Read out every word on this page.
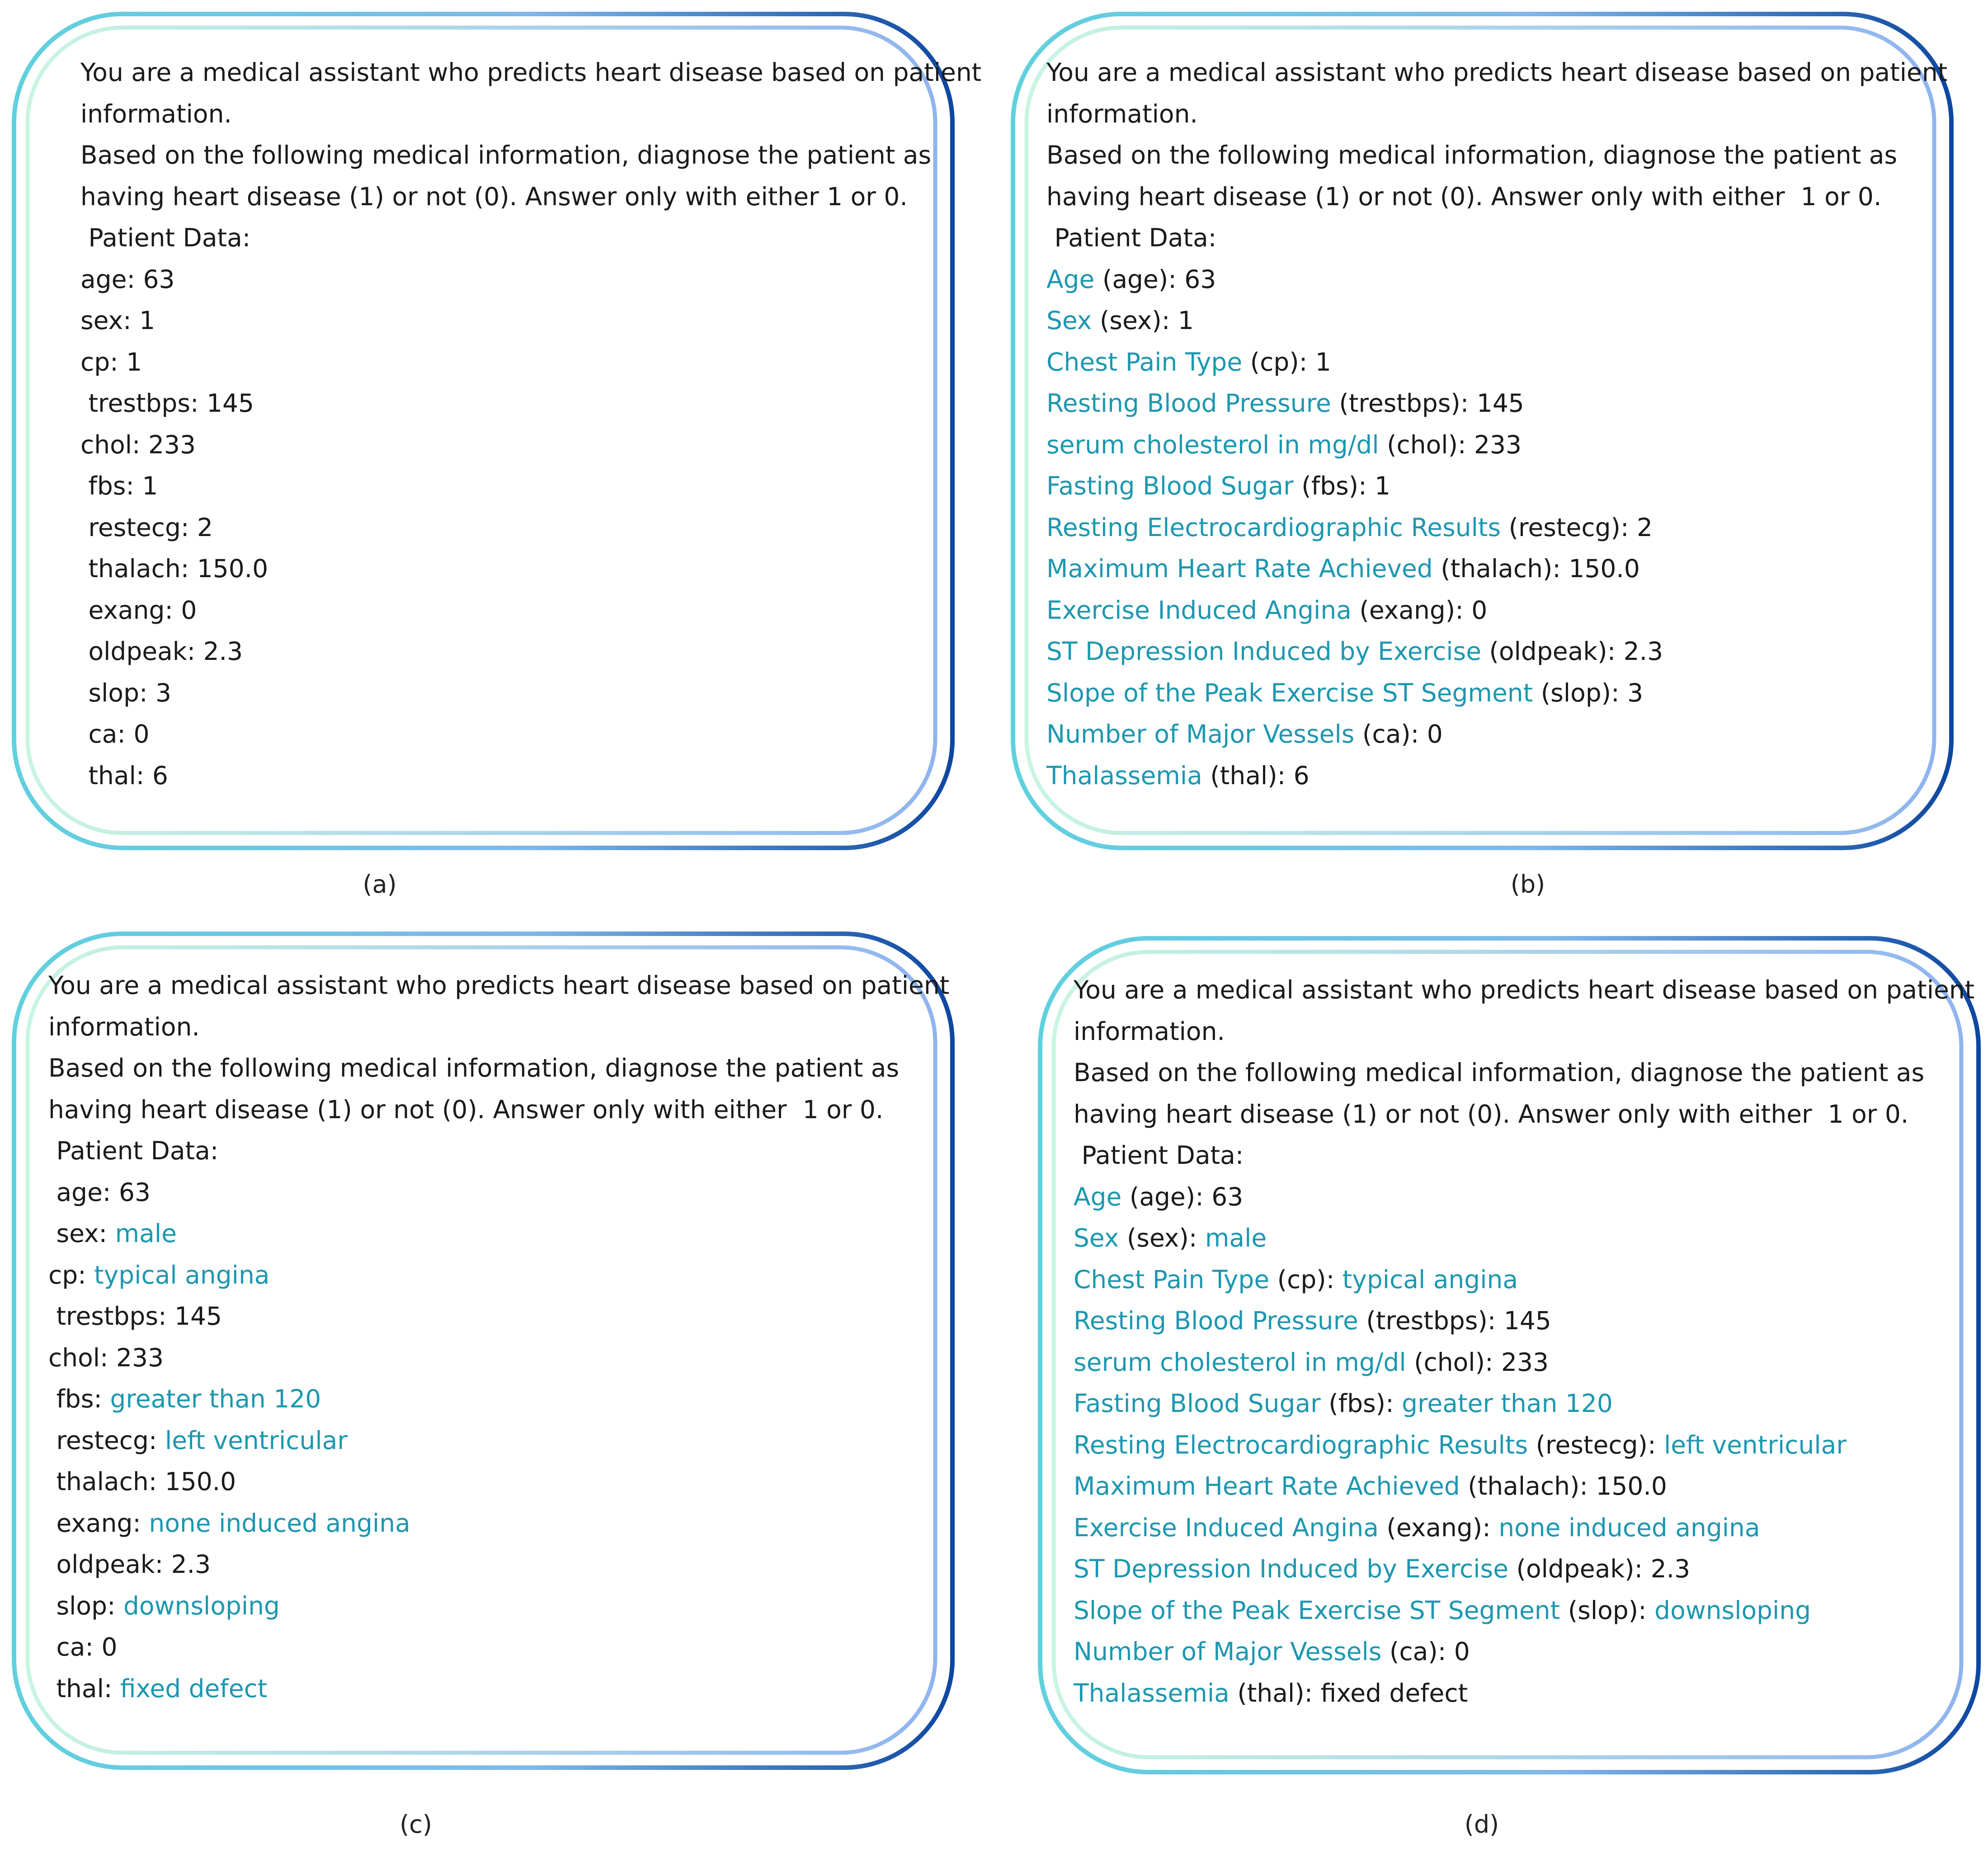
You are a medical assistant who predicts heart disease based on patient
information.
Based on the following medical information, diagnose the patient as
having heart disease (1) or not (0). Answer only with either 1 or 0.
Patient Data:
age: 63
sex: 1
cp: 1
trestbps: 145
chol: 233
fbs: 1
restecg: 2
thalach: 150.0
exang: 0
oldpeak: 2.3
slop: 3
ca: 0
thal: 6
(a)
You are a medical assistant who predicts heart disease based on patient
information.
Based on the following medical information, diagnose the patient as
having heart disease (1) or not (0). Answer only with either  1 or 0.
Patient Data:
Age (age): 63
Sex (sex): 1
Chest Pain Type (cp): 1
Resting Blood Pressure (trestbps): 145
serum cholesterol in mg/dl (chol): 233
Fasting Blood Sugar (fbs): 1
Resting Electrocardiographic Results (restecg): 2
Maximum Heart Rate Achieved (thalach): 150.0
Exercise Induced Angina (exang): 0
ST Depression Induced by Exercise (oldpeak): 2.3
Slope of the Peak Exercise ST Segment (slop): 3
Number of Major Vessels (ca): 0
Thalassemia (thal): 6
(b)
You are a medical assistant who predicts heart disease based on patient
information.
Based on the following medical information, diagnose the patient as
having heart disease (1) or not (0). Answer only with either  1 or 0.
Patient Data:
age: 63
sex: male
cp: typical angina
trestbps: 145
chol: 233
fbs: greater than 120
restecg: left ventricular
thalach: 150.0
exang: none induced angina
oldpeak: 2.3
slop: downsloping
ca: 0
thal: fixed defect
(c)
You are a medical assistant who predicts heart disease based on patient
information.
Based on the following medical information, diagnose the patient as
having heart disease (1) or not (0). Answer only with either  1 or 0.
Patient Data:
Age (age): 63
Sex (sex): male
Chest Pain Type (cp): typical angina
Resting Blood Pressure (trestbps): 145
serum cholesterol in mg/dl (chol): 233
Fasting Blood Sugar (fbs): greater than 120
Resting Electrocardiographic Results (restecg): left ventricular
Maximum Heart Rate Achieved (thalach): 150.0
Exercise Induced Angina (exang): none induced angina
ST Depression Induced by Exercise (oldpeak): 2.3
Slope of the Peak Exercise ST Segment (slop): downsloping
Number of Major Vessels (ca): 0
Thalassemia (thal): fixed defect
(d)
